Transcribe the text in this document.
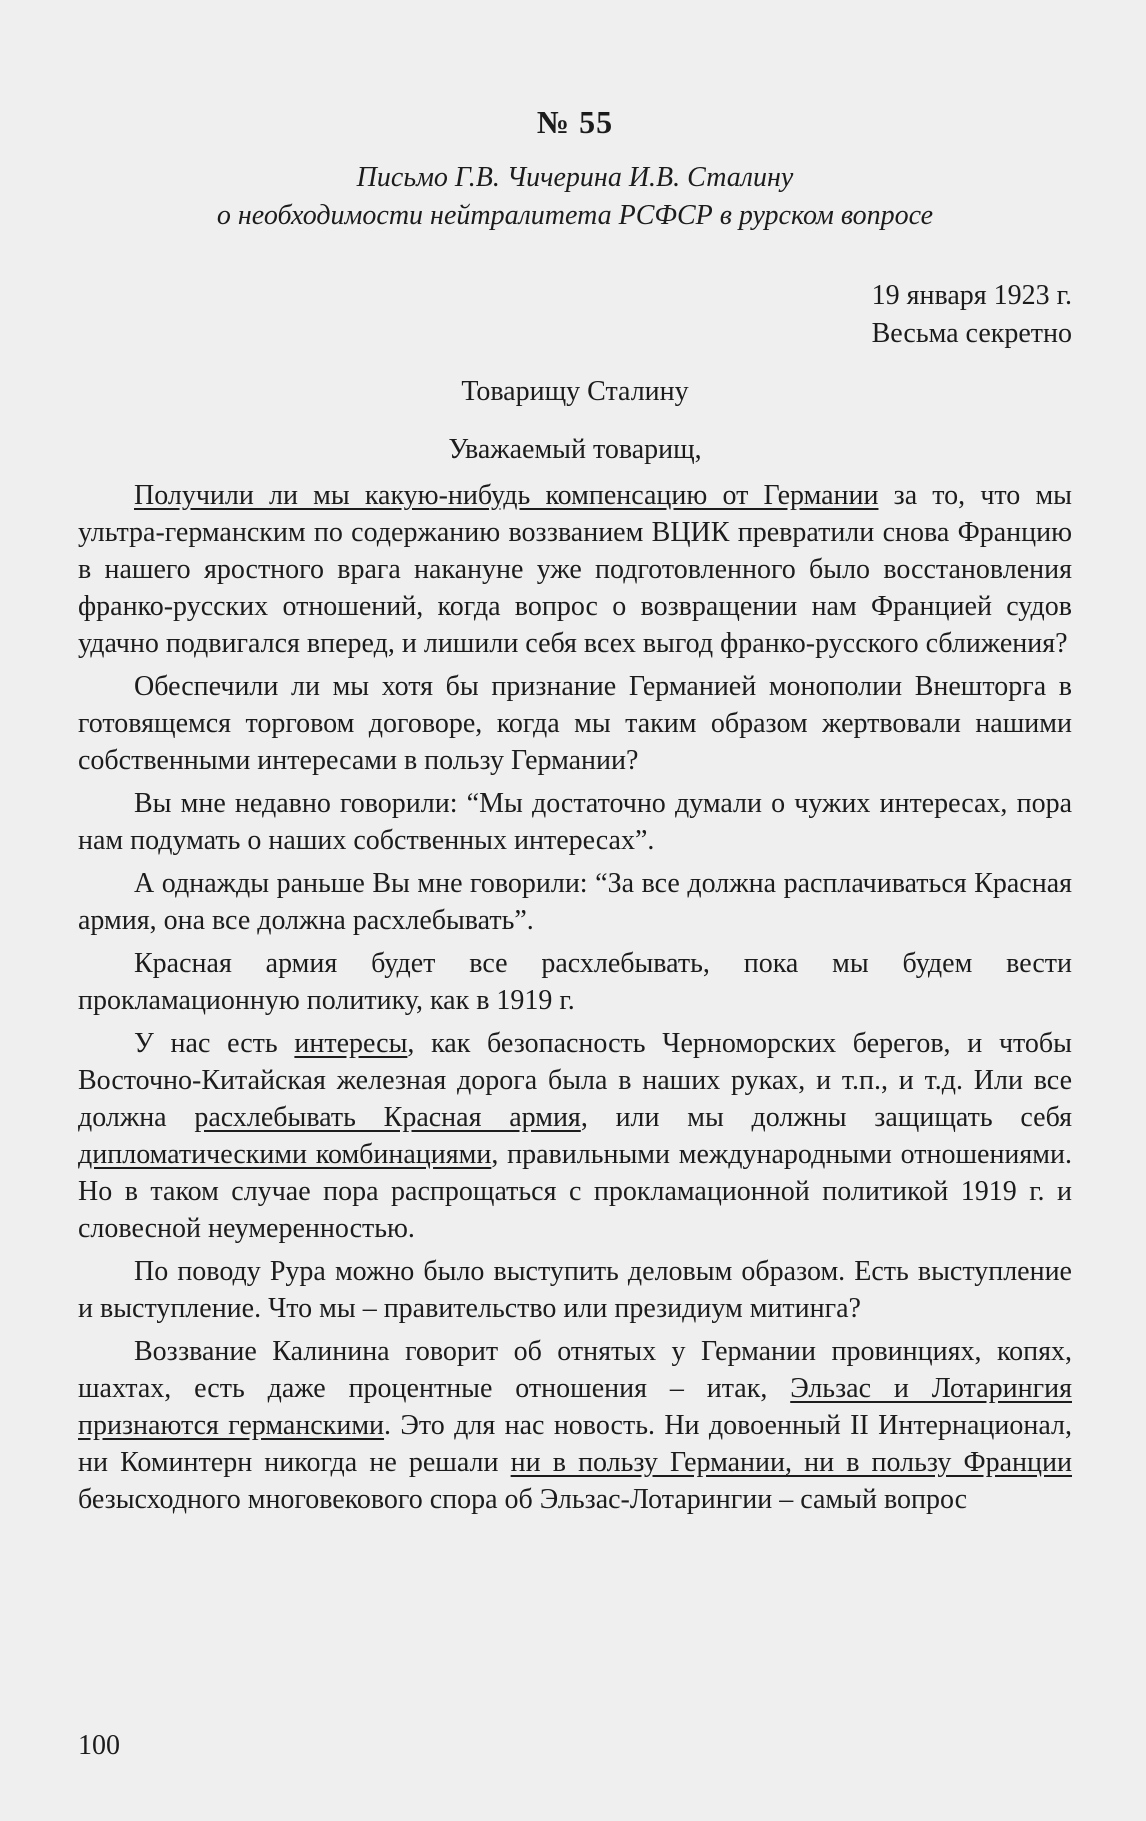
№ 55

Письмо Г.В. Чичерина И.В. Сталину

о необходимости нейтралитета РСФСР в рурском вопросе

19 января 1923 г.
Весьма секретно
Товарищу Сталину
Уважаемый товарищ,

Получили ли мы какую-нибудь компенсацию от Германии за то, что мы ультра-германским по содержанию воззванием ВЦИК превратили снова Францию в нашего яростного врага накануне уже подготовленного было восстановления франко-русских отношений, когда вопрос о возвращении нам Францией судов удачно подвигался вперед, и лишили себя всех выгод франко-русского сближения?

Обеспечили ли мы хотя бы признание Германией монополии Внешторга в готовящемся торговом договоре, когда мы таким образом жертвовали нашими собственными интересами в пользу Германии?

Вы мне недавно говорили: “Мы достаточно думали о чужих интересах, пора нам подумать о наших собственных интересах”.

А однажды раньше Вы мне говорили: “За все должна расплачиваться Красная армия, она все должна расхлебывать”.

Красная армия будет все расхлебывать, пока мы будем вести прокламационную политику, как в 1919 г.

У нас есть интересы, как безопасность Черноморских берегов, и чтобы Восточно-Китайская железная дорога была в наших руках, и т.п., и т.д. Или все должна расхлебывать Красная армия, или мы должны защищать себя дипломатическими комбинациями, правильными международными отношениями. Но в таком случае пора распрощаться с прокламационной политикой 1919 г. и словесной неумеренностью.

По поводу Рура можно было выступить деловым образом. Есть выступление и выступление. Что мы – правительство или президиум митинга?

Воззвание Калинина говорит об отнятых у Германии провинциях, копях, шахтах, есть даже процентные отношения – итак, Эльзас и Лотарингия признаются германскими. Это для нас новость. Ни довоенный II Интернационал, ни Коминтерн никогда не решали ни в пользу Германии, ни в пользу Франции безысходного многовекового спора об Эльзас-Лотарингии – самый вопрос

100
